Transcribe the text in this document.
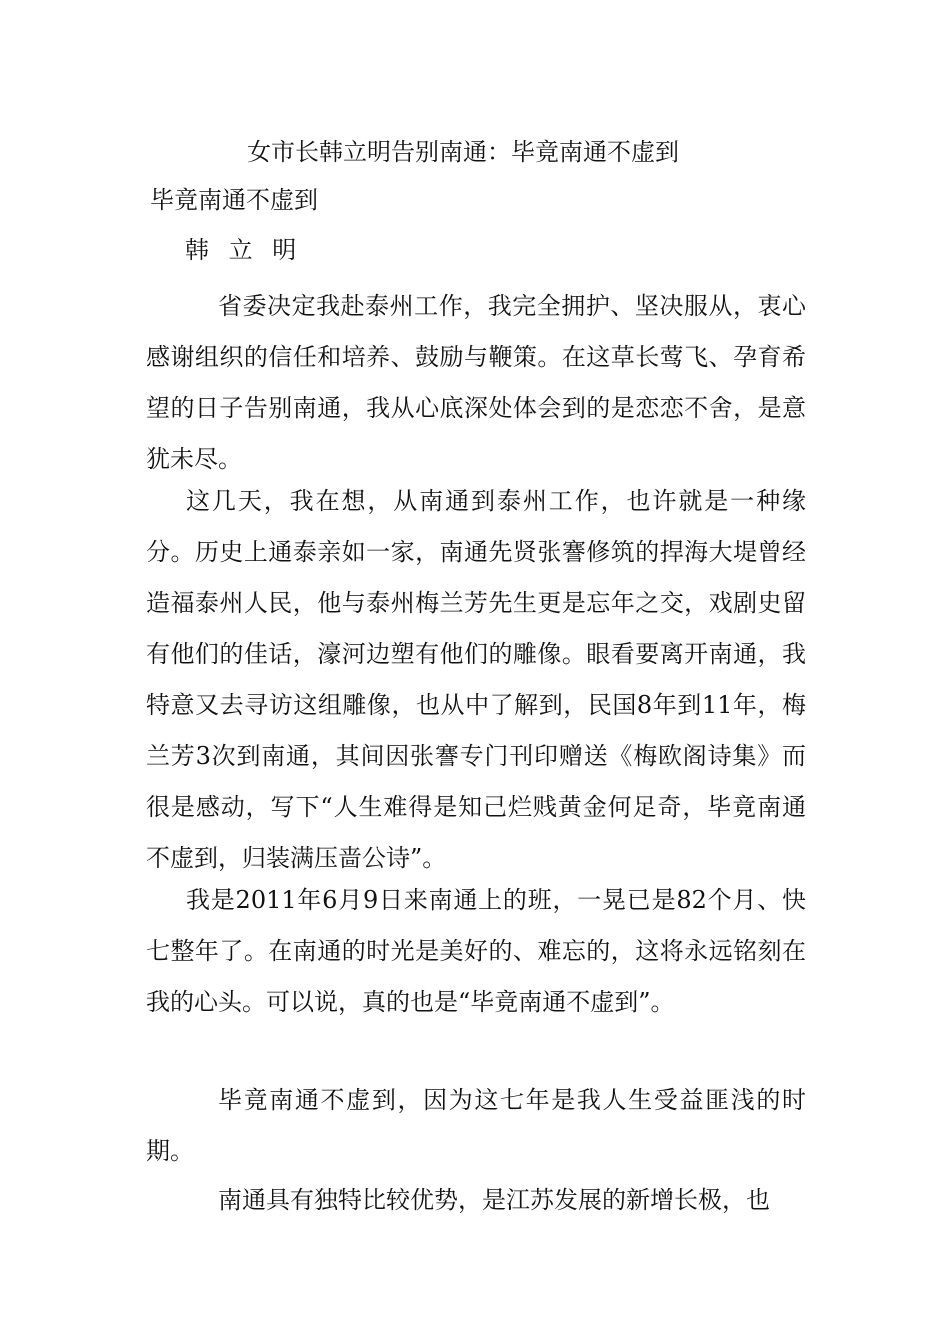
女市长韩立明告别南通：毕竟南通不虚到
毕竟南通不虚到
韩 立 明

省委决定我赴泰州工作，我完全拥护、坚决服从，衷心感谢组织的信任和培养、鼓励与鞭策。在这草长莺飞、孕育希望的日子告别南通，我从心底深处体会到的是恋恋不舍，是意犹未尽。

这几天，我在想，从南通到泰州工作，也许就是一种缘分。历史上通泰亲如一家，南通先贤张謇修筑的捍海大堤曾经造福泰州人民，他与泰州梅兰芳先生更是忘年之交，戏剧史留有他们的佳话，濠河边塑有他们的雕像。眼看要离开南通，我特意又去寻访这组雕像，也从中了解到，民国8年到11年，梅兰芳3次到南通，其间因张謇专门刊印赠送《梅欧阁诗集》而很是感动，写下“人生难得是知己烂贱黄金何足奇，毕竟南通不虚到，归装满压啬公诗”。

我是2011年6月9日来南通上的班，一晃已是82个月、快七整年了。在南通的时光是美好的、难忘的，这将永远铭刻在我的心头。可以说，真的也是“毕竟南通不虚到”。

毕竟南通不虚到，因为这七年是我人生受益匪浅的时期。

南通具有独特比较优势，是江苏发展的新增长极，也
